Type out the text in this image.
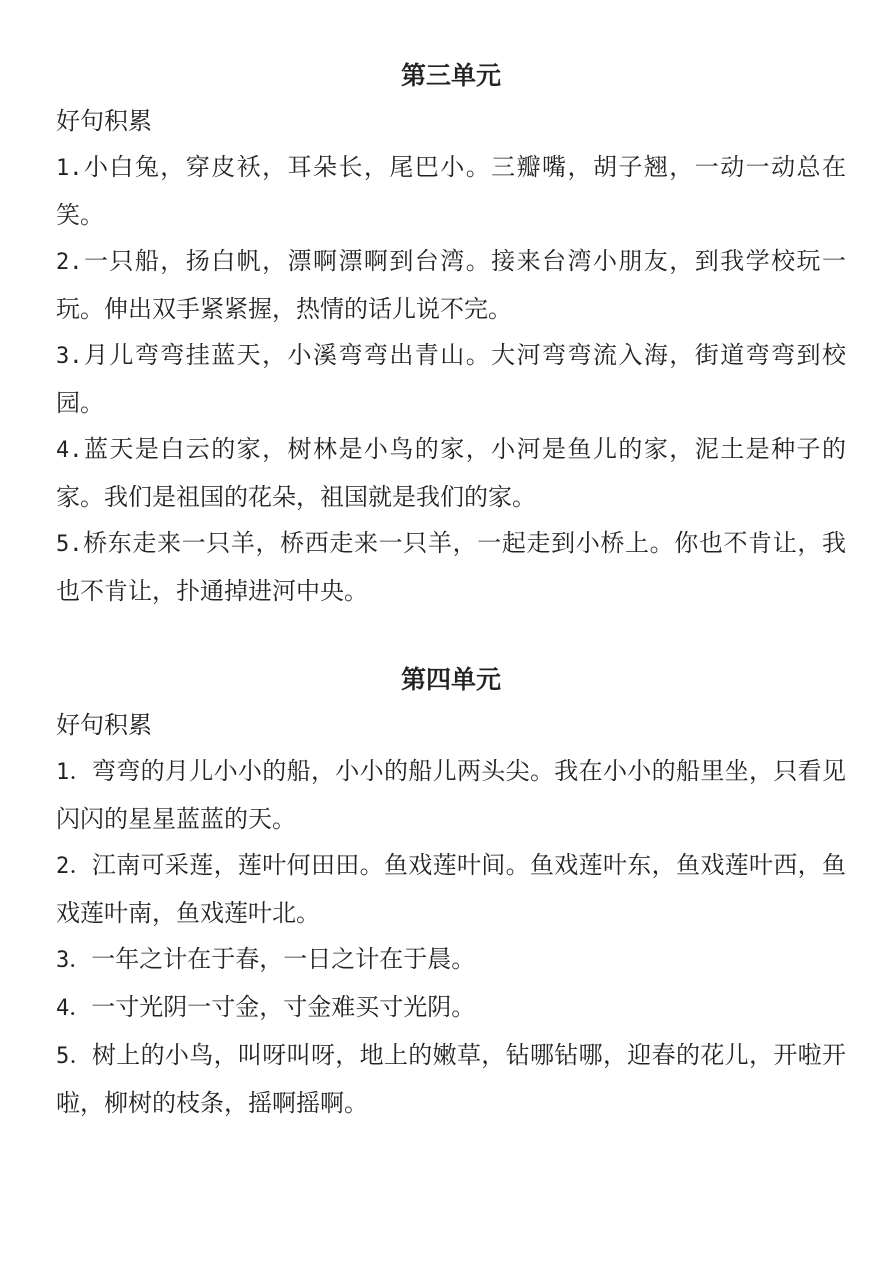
第三单元

好句积累

1.小白兔，穿皮袄，耳朵长，尾巴小。三瓣嘴，胡子翘，一动一动总在笑。

2.一只船，扬白帆，漂啊漂啊到台湾。接来台湾小朋友，到我学校玩一玩。伸出双手紧紧握，热情的话儿说不完。

3.月儿弯弯挂蓝天，小溪弯弯出青山。大河弯弯流入海，街道弯弯到校园。

4.蓝天是白云的家，树林是小鸟的家，小河是鱼儿的家，泥土是种子的家。我们是祖国的花朵，祖国就是我们的家。

5.桥东走来一只羊，桥西走来一只羊，一起走到小桥上。你也不肯让，我也不肯让，扑通掉进河中央。

第四单元

好句积累

1．弯弯的月儿小小的船，小小的船儿两头尖。我在小小的船里坐，只看见闪闪的星星蓝蓝的天。

2．江南可采莲，莲叶何田田。鱼戏莲叶间。鱼戏莲叶东，鱼戏莲叶西，鱼戏莲叶南，鱼戏莲叶北。

3．一年之计在于春，一日之计在于晨。

4．一寸光阴一寸金，寸金难买寸光阴。

5．树上的小鸟，叫呀叫呀，地上的嫩草，钻哪钻哪，迎春的花儿，开啦开啦，柳树的枝条，摇啊摇啊。
